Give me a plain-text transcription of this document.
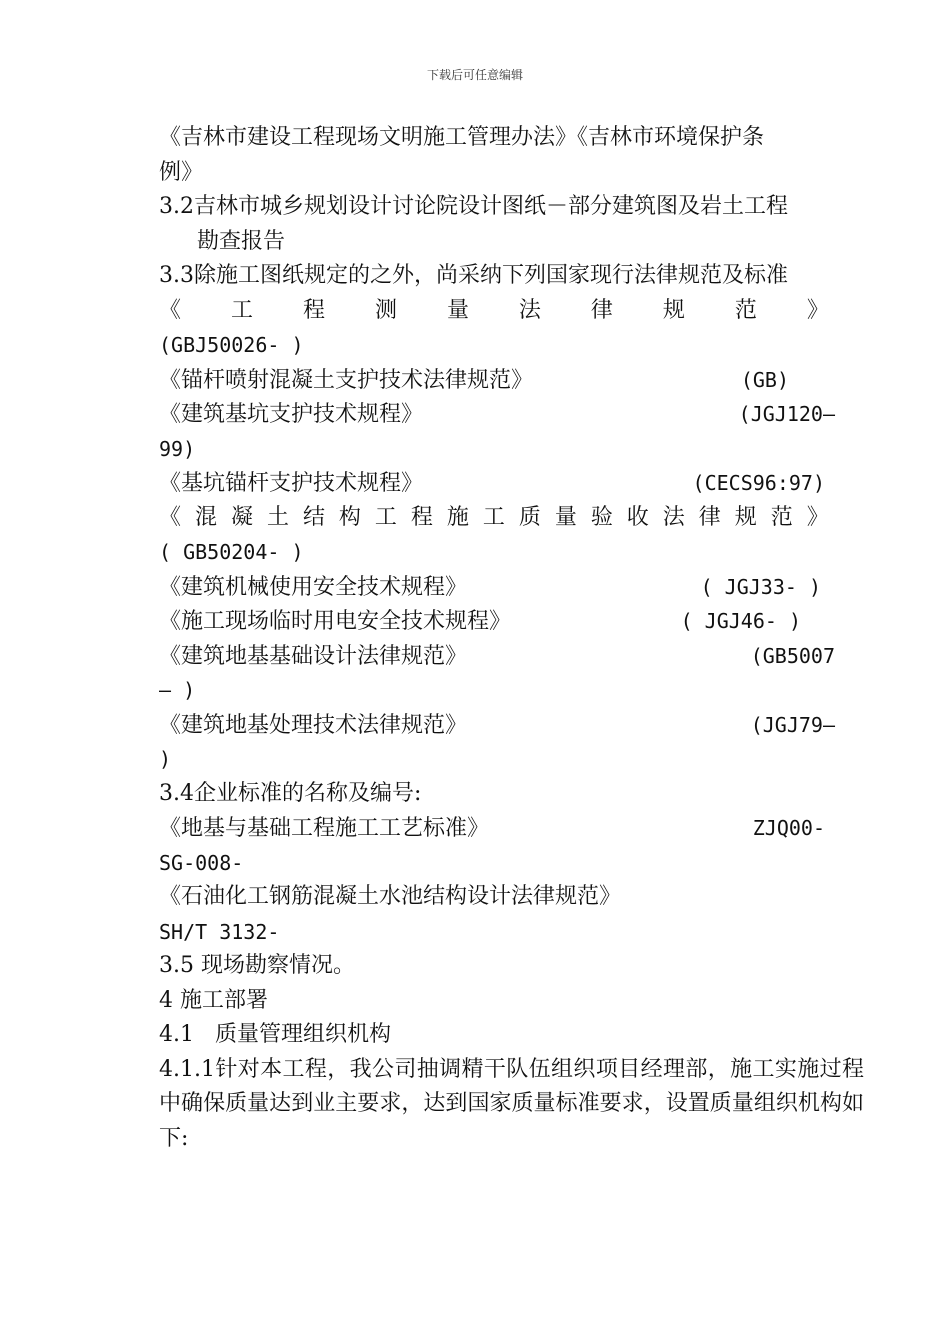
下载后可任意编辑
《吉林市建设工程现场文明施工管理办法》《吉林市环境保护条
例》
3.2吉林市城乡规划设计讨论院设计图纸－部分建筑图及岩土工程
勘查报告
3.3除施工图纸规定的之外，尚采纳下列国家现行法律规范及标准
《 工 程 测 量 法 律 规 范 》
(GBJ50026- )
《锚杆喷射混凝土支护技术法律规范》	(GB)
《建筑基坑支护技术规程》	(JGJ120—
99)
《基坑锚杆支护技术规程》	(CECS96:97)
《 混 凝 土 结 构 工 程 施 工 质 量 验 收 法 律 规 范 》
( GB50204- )
《建筑机械使用安全技术规程》	( JGJ33- )
《施工现场临时用电安全技术规程》	( JGJ46- )
《建筑地基基础设计法律规范》	(GB5007
— )
《建筑地基处理技术法律规范》	(JGJ79—
)
3.4企业标准的名称及编号:
《地基与基础工程施工工艺标准》	ZJQ00-
SG-008-
《石油化工钢筋混凝土水池结构设计法律规范》
SH/T 3132-
3.5 现场勘察情况。
4 施工部署
4.1   质量管理组织机构
4.1.1针对本工程，我公司抽调精干队伍组织项目经理部，施工实施过程中确保质量达到业主要求，达到国家质量标准要求，设置质量组织机构如下:
